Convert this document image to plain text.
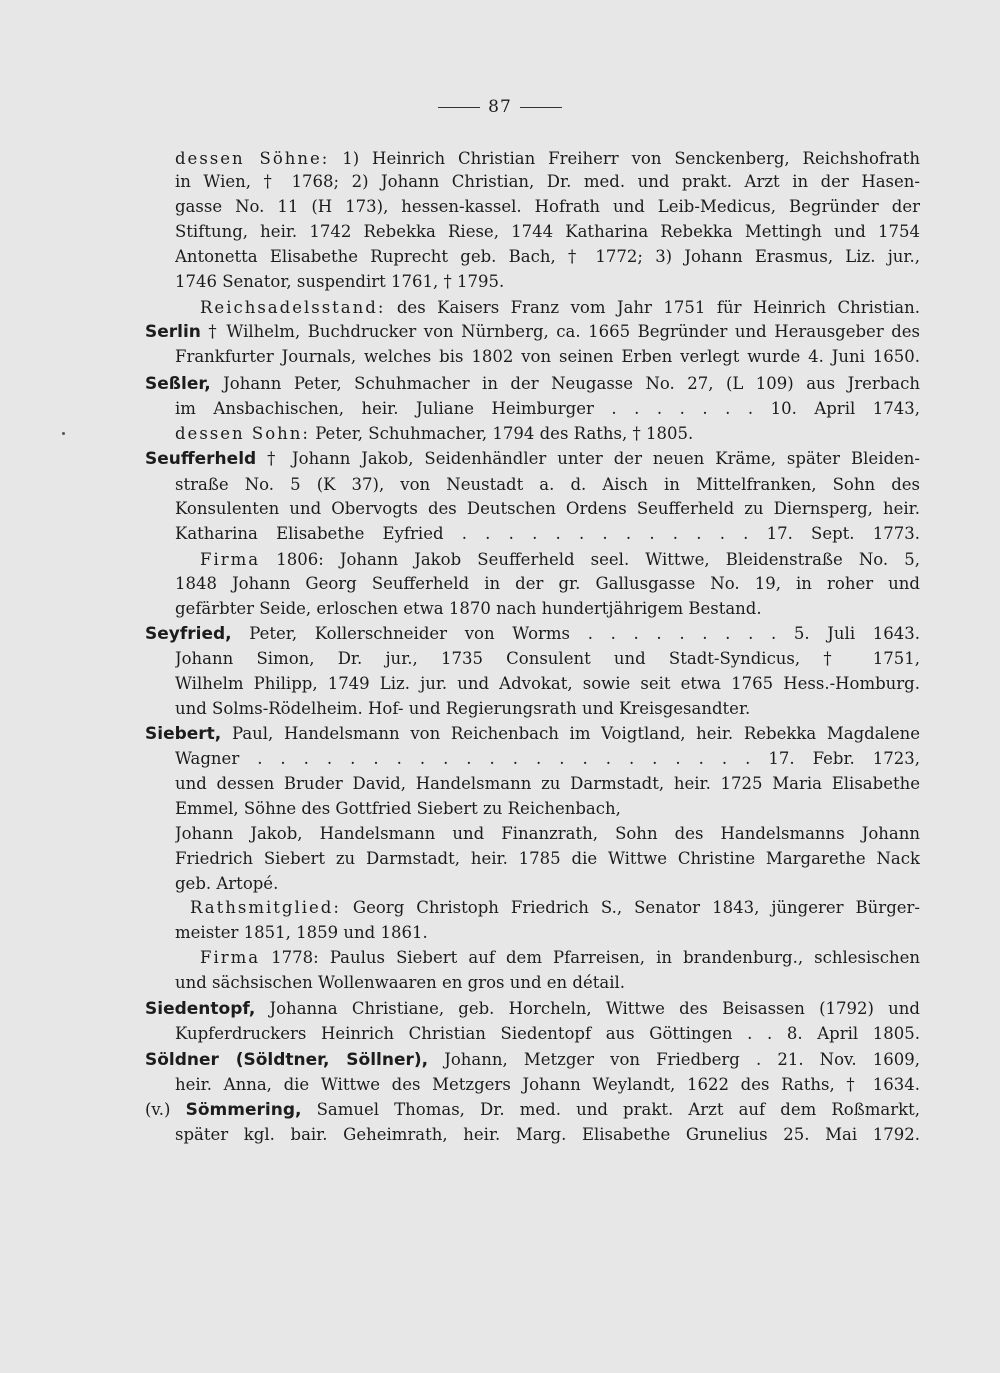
87
dessen Söhne: 1) Heinrich Christian Freiherr von Senckenberg, Reichshofrath
in Wien, † 1768; 2) Johann Christian, Dr. med. und prakt. Arzt in der Hasen-
gasse No. 11 (H 173), hessen-kassel. Hofrath und Leib-Medicus, Begründer der
Stiftung, heir. 1742 Rebekka Riese, 1744 Katharina Rebekka Mettingh und 1754
Antonetta Elisabethe Ruprecht geb. Bach, † 1772; 3) Johann Erasmus, Liz. jur.,
1746 Senator, suspendirt 1761, † 1795.
Reichsadelsstand: des Kaisers Franz vom Jahr 1751 für Heinrich Christian.
Serlin † Wilhelm, Buchdrucker von Nürnberg, ca. 1665 Begründer und Herausgeber des
Frankfurter Journals, welches bis 1802 von seinen Erben verlegt wurde 4. Juni 1650.
Seßler, Johann Peter, Schuhmacher in der Neugasse No. 27, (L 109) aus Jrerbach
im Ansbachischen, heir. Juliane Heimburger . . . . . . . 10. April 1743,
dessen Sohn: Peter, Schuhmacher, 1794 des Raths, † 1805.
Seufferheld † Johann Jakob, Seidenhändler unter der neuen Kräme, später Bleiden-
straße No. 5 (K 37), von Neustadt a. d. Aisch in Mittelfranken, Sohn des
Konsulenten und Obervogts des Deutschen Ordens Seufferheld zu Diernsperg, heir.
Katharina Elisabethe Eyfried . . . . . . . . . . . . . 17. Sept. 1773.
Firma 1806: Johann Jakob Seufferheld seel. Wittwe, Bleidenstraße No. 5,
1848 Johann Georg Seufferheld in der gr. Gallusgasse No. 19, in roher und
gefärbter Seide, erloschen etwa 1870 nach hundertjährigem Bestand.
Seyfried, Peter, Kollerschneider von Worms . . . . . . . . . 5. Juli 1643.
Johann Simon, Dr. jur., 1735 Consulent und Stadt-Syndicus, † 1751,
Wilhelm Philipp, 1749 Liz. jur. und Advokat, sowie seit etwa 1765 Hess.-Homburg.
und Solms-Rödelheim. Hof- und Regierungsrath und Kreisgesandter.
Siebert, Paul, Handelsmann von Reichenbach im Voigtland, heir. Rebekka Magdalene
Wagner . . . . . . . . . . . . . . . . . . . . . . 17. Febr. 1723,
und dessen Bruder David, Handelsmann zu Darmstadt, heir. 1725 Maria Elisabethe
Emmel, Söhne des Gottfried Siebert zu Reichenbach,
Johann Jakob, Handelsmann und Finanzrath, Sohn des Handelsmanns Johann
Friedrich Siebert zu Darmstadt, heir. 1785 die Wittwe Christine Margarethe Nack
geb. Artopé.
Rathsmitglied: Georg Christoph Friedrich S., Senator 1843, jüngerer Bürger-
meister 1851, 1859 und 1861.
Firma 1778: Paulus Siebert auf dem Pfarreisen, in brandenburg., schlesischen
und sächsischen Wollenwaaren en gros und en détail.
Siedentopf, Johanna Christiane, geb. Horcheln, Wittwe des Beisassen (1792) und
Kupferdruckers Heinrich Christian Siedentopf aus Göttingen . . 8. April 1805.
Söldner (Söldtner, Söllner), Johann, Metzger von Friedberg . 21. Nov. 1609,
heir. Anna, die Wittwe des Metzgers Johann Weylandt, 1622 des Raths, † 1634.
(v.) Sömmering, Samuel Thomas, Dr. med. und prakt. Arzt auf dem Roßmarkt,
später kgl. bair. Geheimrath, heir. Marg. Elisabethe Grunelius 25. Mai 1792.
